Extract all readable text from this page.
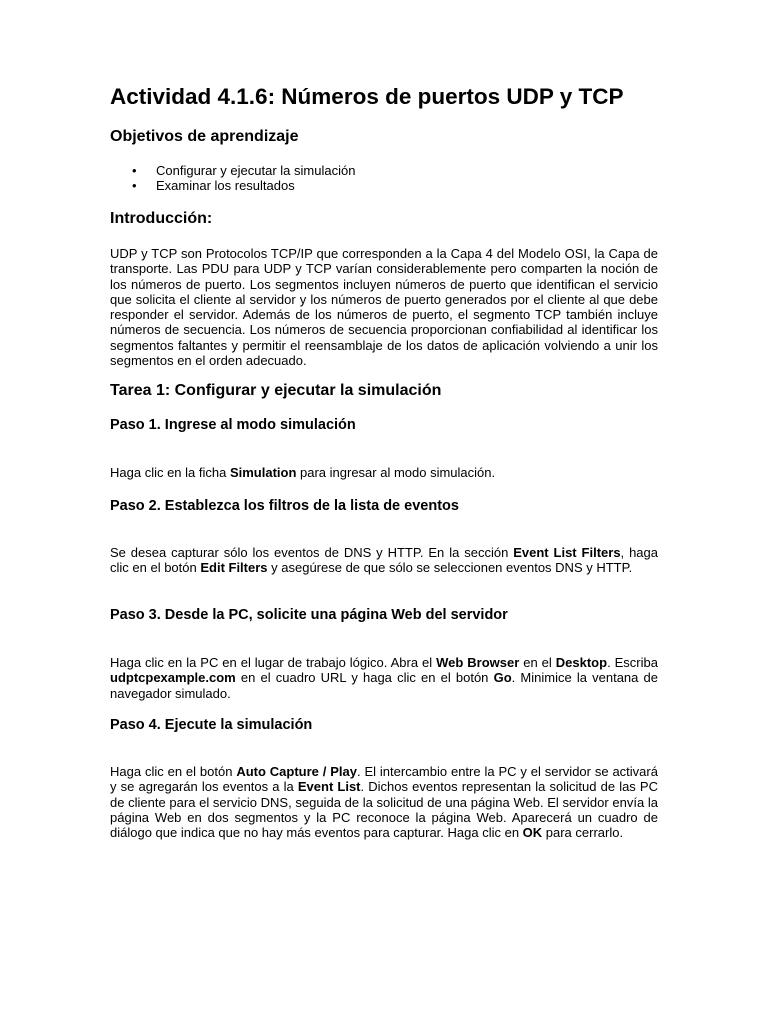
Actividad 4.1.6: Números de puertos UDP y TCP
Objetivos de aprendizaje
• Configurar y ejecutar la simulación
• Examinar los resultados
Introducción:

UDP y TCP son Protocolos TCP/IP que corresponden a la Capa 4 del Modelo OSI, la Capa de transporte. Las PDU para UDP y TCP varían considerablemente pero comparten la noción de los números de puerto. Los segmentos incluyen números de puerto que identifican el servicio que solicita el cliente al servidor y los números de puerto generados por el cliente al que debe responder el servidor. Además de los números de puerto, el segmento TCP también incluye números de secuencia. Los números de secuencia proporcionan confiabilidad al identificar los segmentos faltantes y permitir el reensamblaje de los datos de aplicación volviendo a unir los segmentos en el orden adecuado.

Tarea 1: Configurar y ejecutar la simulación
Paso 1. Ingrese al modo simulación

Haga clic en la ficha Simulation para ingresar al modo simulación.

Paso 2. Establezca los filtros de la lista de eventos

Se desea capturar sólo los eventos de DNS y HTTP. En la sección Event List Filters, haga clic en el botón Edit Filters y asegúrese de que sólo se seleccionen eventos DNS y HTTP.

Paso 3. Desde la PC, solicite una página Web del servidor

Haga clic en la PC en el lugar de trabajo lógico. Abra el Web Browser en el Desktop. Escriba udptcpexample.com en el cuadro URL y haga clic en el botón Go. Minimice la ventana de navegador simulado.

Paso 4. Ejecute la simulación

Haga clic en el botón Auto Capture / Play. El intercambio entre la PC y el servidor se activará y se agregarán los eventos a la Event List. Dichos eventos representan la solicitud de las PC de cliente para el servicio DNS, seguida de la solicitud de una página Web. El servidor envía la página Web en dos segmentos y la PC reconoce la página Web. Aparecerá un cuadro de diálogo que indica que no hay más eventos para capturar. Haga clic en OK para cerrarlo.
